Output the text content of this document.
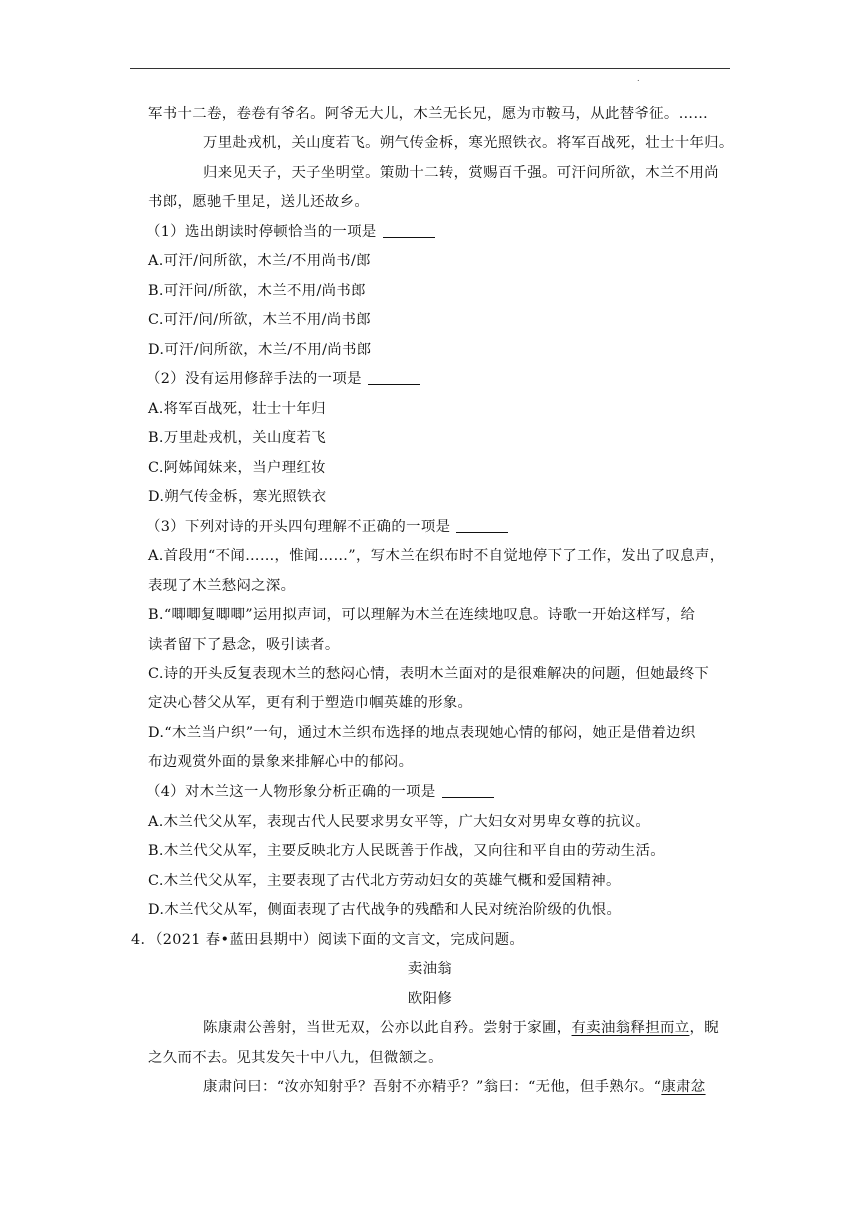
.
军书十二卷，卷卷有爷名。阿爷无大儿，木兰无长兄，愿为市鞍马，从此替爷征。……
万里赴戎机，关山度若飞。朔气传金柝，寒光照铁衣。将军百战死，壮士十年归。
归来见天子，天子坐明堂。策勋十二转，赏赐百千强。可汗问所欲，木兰不用尚
书郎，愿驰千里足，送儿还故乡。
（1）选出朗读时停顿恰当的一项是
A.可汗/问所欲，木兰/不用尚书/郎
B.可汗问/所欲，木兰不用/尚书郎
C.可汗/问/所欲，木兰不用/尚书郎
D.可汗/问所欲，木兰/不用/尚书郎
（2）没有运用修辞手法的一项是
A.将军百战死，壮士十年归
B.万里赴戎机，关山度若飞
C.阿姊闻妹来，当户理红妆
D.朔气传金柝，寒光照铁衣
（3）下列对诗的开头四句理解不正确的一项是
A.首段用“不闻……，惟闻……”，写木兰在织布时不自觉地停下了工作，发出了叹息声，
表现了木兰愁闷之深。
B.“唧唧复唧唧”运用拟声词，可以理解为木兰在连续地叹息。诗歌一开始这样写，给
读者留下了悬念，吸引读者。
C.诗的开头反复表现木兰的愁闷心情，表明木兰面对的是很难解决的问题，但她最终下
定决心替父从军，更有利于塑造巾帼英雄的形象。
D.“木兰当户织”一句，通过木兰织布选择的地点表现她心情的郁闷，她正是借着边织
布边观赏外面的景象来排解心中的郁闷。
（4）对木兰这一人物形象分析正确的一项是
A.木兰代父从军，表现古代人民要求男女平等，广大妇女对男卑女尊的抗议。
B.木兰代父从军，主要反映北方人民既善于作战，又向往和平自由的劳动生活。
C.木兰代父从军，主要表现了古代北方劳动妇女的英雄气概和爱国精神。
D.木兰代父从军，侧面表现了古代战争的残酷和人民对统治阶级的仇恨。
4．（2021 春•蓝田县期中）阅读下面的文言文，完成问题。
卖油翁
欧阳修
陈康肃公善射，当世无双，公亦以此自矜。尝射于家圃，有卖油翁释担而立，睨
之久而不去。见其发矢十中八九，但微颔之。
康肃问曰：“汝亦知射乎？吾射不亦精乎？”翁曰：“无他，但手熟尔。“康肃忿
